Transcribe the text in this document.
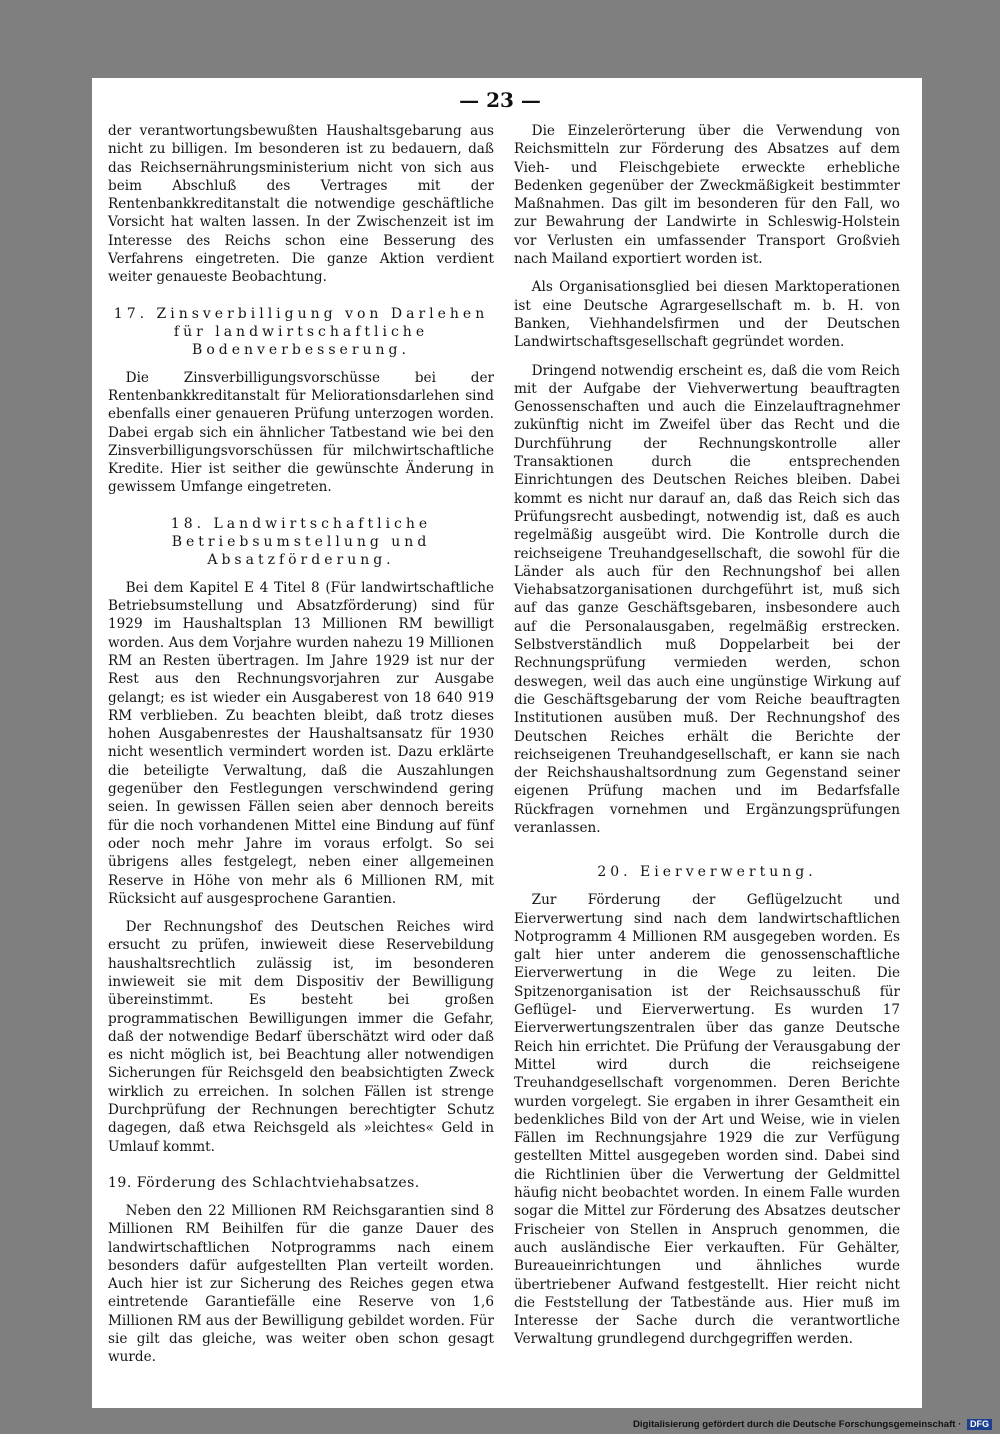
— 23 —

der verantwortungsbewußten Haushaltsgebarung aus nicht zu billigen. Im besonderen ist zu bedauern, daß das Reichsernährungsministerium nicht von sich aus beim Abschluß des Vertrages mit der Rentenbankkreditanstalt die notwendige geschäftliche Vorsicht hat walten lassen. In der Zwischenzeit ist im Interesse des Reichs schon eine Besserung des Verfahrens eingetreten. Die ganze Aktion verdient weiter genaueste Beobachtung.

17. Zinsverbilligung von Darlehen für landwirtschaftliche Bodenverbesserung.

Die Zinsverbilligungsvorschüsse bei der Rentenbankkreditanstalt für Meliorationsdarlehen sind ebenfalls einer genaueren Prüfung unterzogen worden. Dabei ergab sich ein ähnlicher Tatbestand wie bei den Zinsverbilligungsvorschüssen für milchwirtschaftliche Kredite. Hier ist seither die gewünschte Änderung in gewissem Umfange eingetreten.

18. Landwirtschaftliche Betriebsumstellung und Absatzförderung.

Bei dem Kapitel E 4 Titel 8 (Für landwirtschaftliche Betriebsumstellung und Absatzförderung) sind für 1929 im Haushaltsplan 13 Millionen RM bewilligt worden. Aus dem Vorjahre wurden nahezu 19 Millionen RM an Resten übertragen. Im Jahre 1929 ist nur der Rest aus den Rechnungsvorjahren zur Ausgabe gelangt; es ist wieder ein Ausgaberest von 18 640 919 RM verblieben. Zu beachten bleibt, daß trotz dieses hohen Ausgabenrestes der Haushaltsansatz für 1930 nicht wesentlich vermindert worden ist. Dazu erklärte die beteiligte Verwaltung, daß die Auszahlungen gegenüber den Festlegungen verschwindend gering seien. In gewissen Fällen seien aber dennoch bereits für die noch vorhandenen Mittel eine Bindung auf fünf oder noch mehr Jahre im voraus erfolgt. So sei übrigens alles festgelegt, neben einer allgemeinen Reserve in Höhe von mehr als 6 Millionen RM, mit Rücksicht auf ausgesprochene Garantien.

Der Rechnungshof des Deutschen Reiches wird ersucht zu prüfen, inwieweit diese Reservebildung haushaltsrechtlich zulässig ist, im besonderen inwieweit sie mit dem Dispositiv der Bewilligung übereinstimmt. Es besteht bei großen programmatischen Bewilligungen immer die Gefahr, daß der notwendige Bedarf überschätzt wird oder daß es nicht möglich ist, bei Beachtung aller notwendigen Sicherungen für Reichsgeld den beabsichtigten Zweck wirklich zu erreichen. In solchen Fällen ist strenge Durchprüfung der Rechnungen berechtigter Schutz dagegen, daß etwa Reichsgeld als »leichtes« Geld in Umlauf kommt.

19. Förderung des Schlachtviehabsatzes.

Neben den 22 Millionen RM Reichsgarantien sind 8 Millionen RM Beihilfen für die ganze Dauer des landwirtschaftlichen Notprogramms nach einem besonders dafür aufgestellten Plan verteilt worden. Auch hier ist zur Sicherung des Reiches gegen etwa eintretende Garantiefälle eine Reserve von 1,6 Millionen RM aus der Bewilligung gebildet worden. Für sie gilt das gleiche, was weiter oben schon gesagt wurde.

Die Einzelerörterung über die Verwendung von Reichsmitteln zur Förderung des Absatzes auf dem Vieh- und Fleischgebiete erweckte erhebliche Bedenken gegenüber der Zweckmäßigkeit bestimmter Maßnahmen. Das gilt im besonderen für den Fall, wo zur Bewahrung der Landwirte in Schleswig-Holstein vor Verlusten ein umfassender Transport Großvieh nach Mailand exportiert worden ist.

Als Organisationsglied bei diesen Marktoperationen ist eine Deutsche Agrargesellschaft m. b. H. von Banken, Viehhandelsfirmen und der Deutschen Landwirtschaftsgesellschaft gegründet worden.

Dringend notwendig erscheint es, daß die vom Reich mit der Aufgabe der Viehverwertung beauftragten Genossenschaften und auch die Einzelauftragnehmer zukünftig nicht im Zweifel über das Recht und die Durchführung der Rechnungskontrolle aller Transaktionen durch die entsprechenden Einrichtungen des Deutschen Reiches bleiben. Dabei kommt es nicht nur darauf an, daß das Reich sich das Prüfungsrecht ausbedingt, notwendig ist, daß es auch regelmäßig ausgeübt wird. Die Kontrolle durch die reichseigene Treuhandgesellschaft, die sowohl für die Länder als auch für den Rechnungshof bei allen Viehabsatzorganisationen durchgeführt ist, muß sich auf das ganze Geschäftsgebaren, insbesondere auch auf die Personalausgaben, regelmäßig erstrecken. Selbstverständlich muß Doppelarbeit bei der Rechnungsprüfung vermieden werden, schon deswegen, weil das auch eine ungünstige Wirkung auf die Geschäftsgebarung der vom Reiche beauftragten Institutionen ausüben muß. Der Rechnungshof des Deutschen Reiches erhält die Berichte der reichseigenen Treuhandgesellschaft, er kann sie nach der Reichshaushaltsordnung zum Gegenstand seiner eigenen Prüfung machen und im Bedarfsfalle Rückfragen vornehmen und Ergänzungsprüfungen veranlassen.

20. Eierverwertung.

Zur Förderung der Geflügelzucht und Eierverwertung sind nach dem landwirtschaftlichen Notprogramm 4 Millionen RM ausgegeben worden. Es galt hier unter anderem die genossenschaftliche Eierverwertung in die Wege zu leiten. Die Spitzenorganisation ist der Reichsausschuß für Geflügel- und Eierverwertung. Es wurden 17 Eierverwertungszentralen über das ganze Deutsche Reich hin errichtet. Die Prüfung der Verausgabung der Mittel wird durch die reichseigene Treuhandgesellschaft vorgenommen. Deren Berichte wurden vorgelegt. Sie ergaben in ihrer Gesamtheit ein bedenkliches Bild von der Art und Weise, wie in vielen Fällen im Rechnungsjahre 1929 die zur Verfügung gestellten Mittel ausgegeben worden sind. Dabei sind die Richtlinien über die Verwertung der Geldmittel häufig nicht beobachtet worden. In einem Falle wurden sogar die Mittel zur Förderung des Absatzes deutscher Frischeier von Stellen in Anspruch genommen, die auch ausländische Eier verkauften. Für Gehälter, Bureaueinrichtungen und ähnliches wurde übertriebener Aufwand festgestellt. Hier reicht nicht die Feststellung der Tatbestände aus. Hier muß im Interesse der Sache durch die verantwortliche Verwaltung grundlegend durchgegriffen werden.

Digitalisierung gefördert durch die Deutsche Forschungsgemeinschaft · DFG
